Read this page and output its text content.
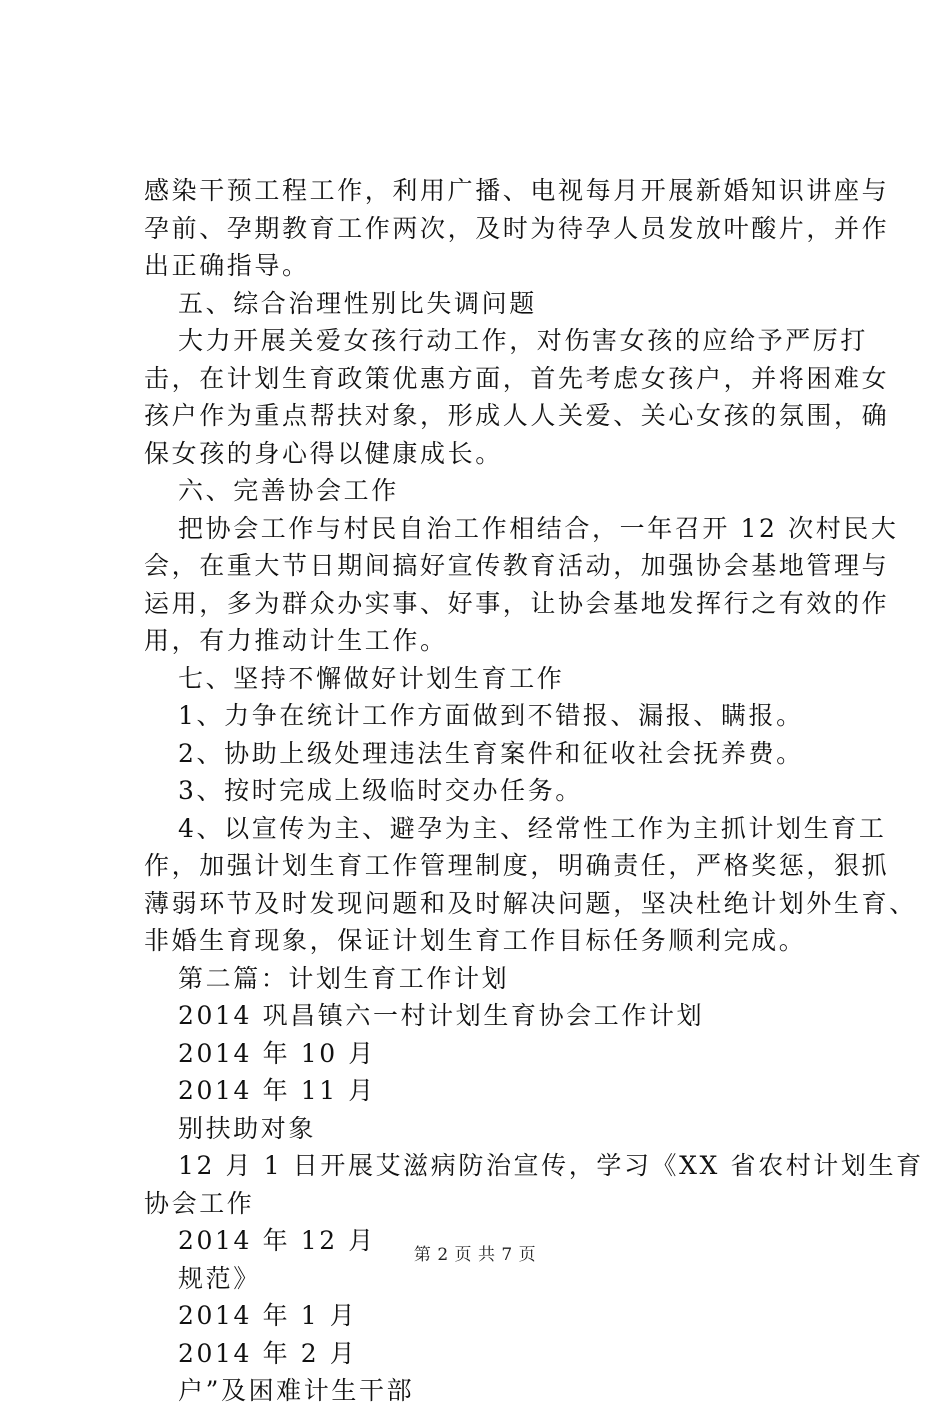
感染干预工程工作，利用广播、电视每月开展新婚知识讲座与
孕前、孕期教育工作两次，及时为待孕人员发放叶酸片，并作
出正确指导。
五、综合治理性别比失调问题
大力开展关爱女孩行动工作，对伤害女孩的应给予严厉打
击，在计划生育政策优惠方面，首先考虑女孩户，并将困难女
孩户作为重点帮扶对象，形成人人关爱、关心女孩的氛围，确
保女孩的身心得以健康成长。
六、完善协会工作
把协会工作与村民自治工作相结合，一年召开 12 次村民大
会，在重大节日期间搞好宣传教育活动，加强协会基地管理与
运用，多为群众办实事、好事，让协会基地发挥行之有效的作
用，有力推动计生工作。
七、坚持不懈做好计划生育工作
1、力争在统计工作方面做到不错报、漏报、瞒报。
2、协助上级处理违法生育案件和征收社会抚养费。
3、按时完成上级临时交办任务。
4、以宣传为主、避孕为主、经常性工作为主抓计划生育工
作，加强计划生育工作管理制度，明确责任，严格奖惩，狠抓
薄弱环节及时发现问题和及时解决问题，坚决杜绝计划外生育、
非婚生育现象，保证计划生育工作目标任务顺利完成。
第二篇：计划生育工作计划
2014 巩昌镇六一村计划生育协会工作计划
2014 年 10 月
2014 年 11 月
别扶助对象
12 月 1 日开展艾滋病防治宣传，学习《XX 省农村计划生育
协会工作
2014 年 12 月
规范》
2014 年 1 月
2014 年 2 月
户”及困难计生干部
第 2 页 共 7 页
